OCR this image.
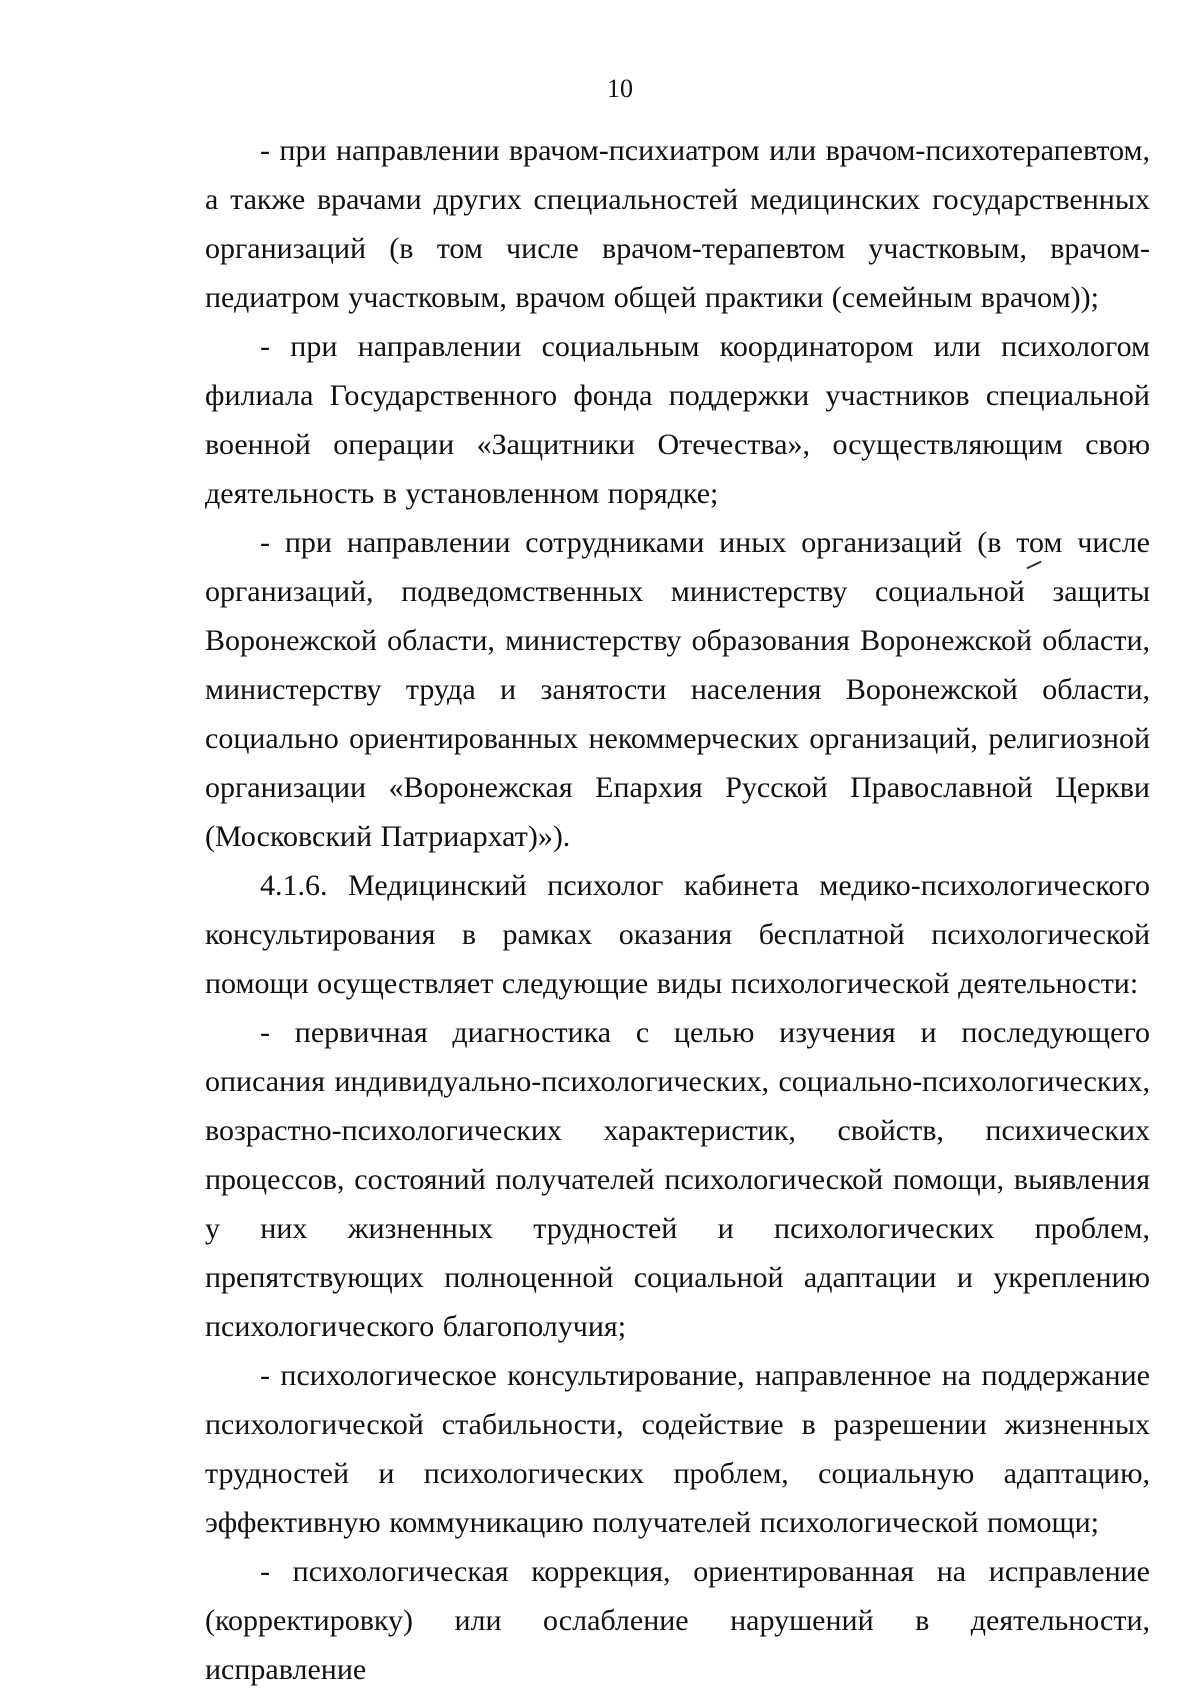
10

- при направлении врачом-психиатром или врачом-психотерапевтом, а также врачами других специальностей медицинских государственных организаций (в том числе врачом-терапевтом участковым, врачом-педиатром участковым, врачом общей практики (семейным врачом));

- при направлении социальным координатором или психологом филиала Государственного фонда поддержки участников специальной военной операции «Защитники Отечества», осуществляющим свою деятельность в установленном порядке;

- при направлении сотрудниками иных организаций (в том числе организаций, подведомственных министерству социальной защиты Воронежской области, министерству образования Воронежской области, министерству труда и занятости населения Воронежской области, социально ориентированных некоммерческих организаций, религиозной организации «Воронежская Епархия Русской Православной Церкви (Московский Патриархат)»).

4.1.6. Медицинский психолог кабинета медико-психологического консультирования в рамках оказания бесплатной психологической помощи осуществляет следующие виды психологической деятельности:

- первичная диагностика с целью изучения и последующего описания индивидуально-психологических, социально-психологических, возрастно-психологических характеристик, свойств, психических процессов, состояний получателей психологической помощи, выявления у них жизненных трудностей и психологических проблем, препятствующих полноценной социальной адаптации и укреплению психологического благополучия;

- психологическое консультирование, направленное на поддержание психологической стабильности, содействие в разрешении жизненных трудностей и психологических проблем, социальную адаптацию, эффективную коммуникацию получателей психологической помощи;

- психологическая коррекция, ориентированная на исправление (корректировку) или ослабление нарушений в деятельности, исправление
